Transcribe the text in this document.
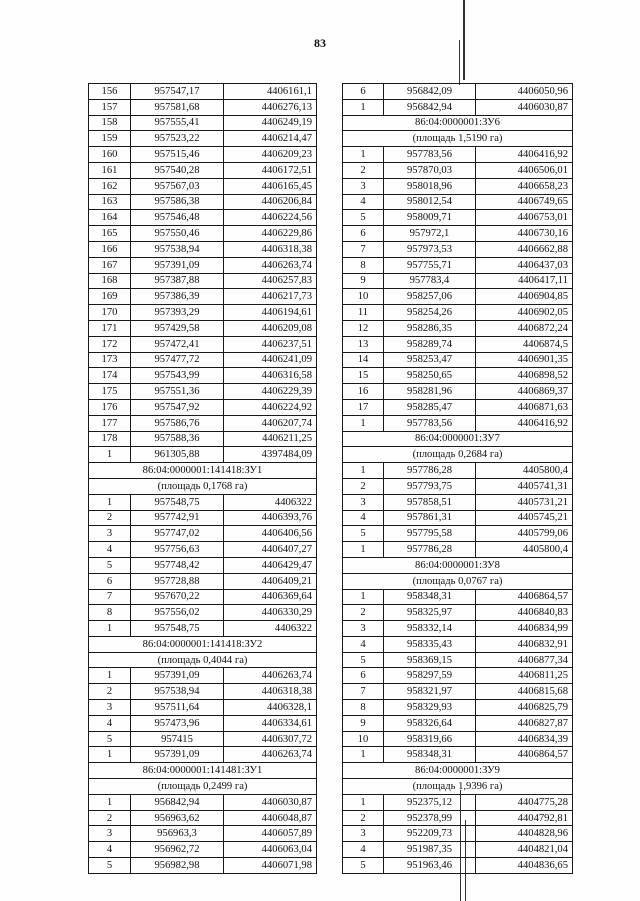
83
156	957547,17	4406161,1
157	957581,68	4406276,13
158	957555,41	4406249,19
159	957523,22	4406214,47
160	957515,46	4406209,23
161	957540,28	4406172,51
162	957567,03	4406165,45
163	957586,38	4406206,84
164	957546,48	4406224,56
165	957550,46	4406229,86
166	957538,94	4406318,38
167	957391,09	4406263,74
168	957387,88	4406257,83
169	957386,39	4406217,73
170	957393,29	4406194,61
171	957429,58	4406209,08
172	957472,41	4406237,51
173	957477,72	4406241,09
174	957543,99	4406316,58
175	957551,36	4406229,39
176	957547,92	4406224,92
177	957586,76	4406207,74
178	957588,36	4406211,25
1	961305,88	4397484,09
86:04:0000001:141418:ЗУ1		
(площадь 0,1768 га)		
1	957548,75	4406322
2	957742,91	4406393,76
3	957747,02	4406406,56
4	957756,63	4406407,27
5	957748,42	4406429,47
6	957728,88	4406409,21
7	957670,22	4406369,64
8	957556,02	4406330,29
1	957548,75	4406322
86:04:0000001:141418:ЗУ2		
(площадь 0,4044 га)		
1	957391,09	4406263,74
2	957538,94	4406318,38
3	957511,64	4406328,1
4	957473,96	4406334,61
5	957415	4406307,72
1	957391,09	4406263,74
86:04:0000001:141481:ЗУ1		
(площадь 0,2499 га)		
1	956842,94	4406030,87
2	956963,62	4406048,87
3	956963,3	4406057,89
4	956962,72	4406063,04
5	956982,98	4406071,98
6	956842,09	4406050,96
1	956842,94	4406030,87
86:04:0000001:ЗУ6		
(площадь 1,5190 га)		
1	957783,56	4406416,92
2	957870,03	4406506,01
3	958018,96	4406658,23
4	958012,54	4406749,65
5	958009,71	4406753,01
6	957972,1	4406730,16
7	957973,53	4406662,88
8	957755,71	4406437,03
9	957783,4	4406417,11
10	958257,06	4406904,85
11	958254,26	4406902,05
12	958286,35	4406872,24
13	958289,74	4406874,5
14	958253,47	4406901,35
15	958250,65	4406898,52
16	958281,96	4406869,37
17	958285,47	4406871,63
1	957783,56	4406416,92
86:04:0000001:ЗУ7		
(площадь 0,2684 га)		
1	957786,28	4405800,4
2	957793,75	4405741,31
3	957858,51	4405731,21
4	957861,31	4405745,21
5	957795,58	4405799,06
1	957786,28	4405800,4
86:04:0000001:ЗУ8		
(площадь 0,0767 га)		
1	958348,31	4406864,57
2	958325,97	4406840,83
3	958332,14	4406834,99
4	958335,43	4406832,91
5	958369,15	4406877,34
6	958297,59	4406811,25
7	958321,97	4406815,68
8	958329,93	4406825,79
9	958326,64	4406827,87
10	958319,66	4406834,39
1	958348,31	4406864,57
86:04:0000001:ЗУ9		
(площадь 1,9396 га)		
1	952375,12	4404775,28
2	952378,99	4404792,81
3	952209,73	4404828,96
4	951987,35	4404821,04
5	951963,46	4404836,65
